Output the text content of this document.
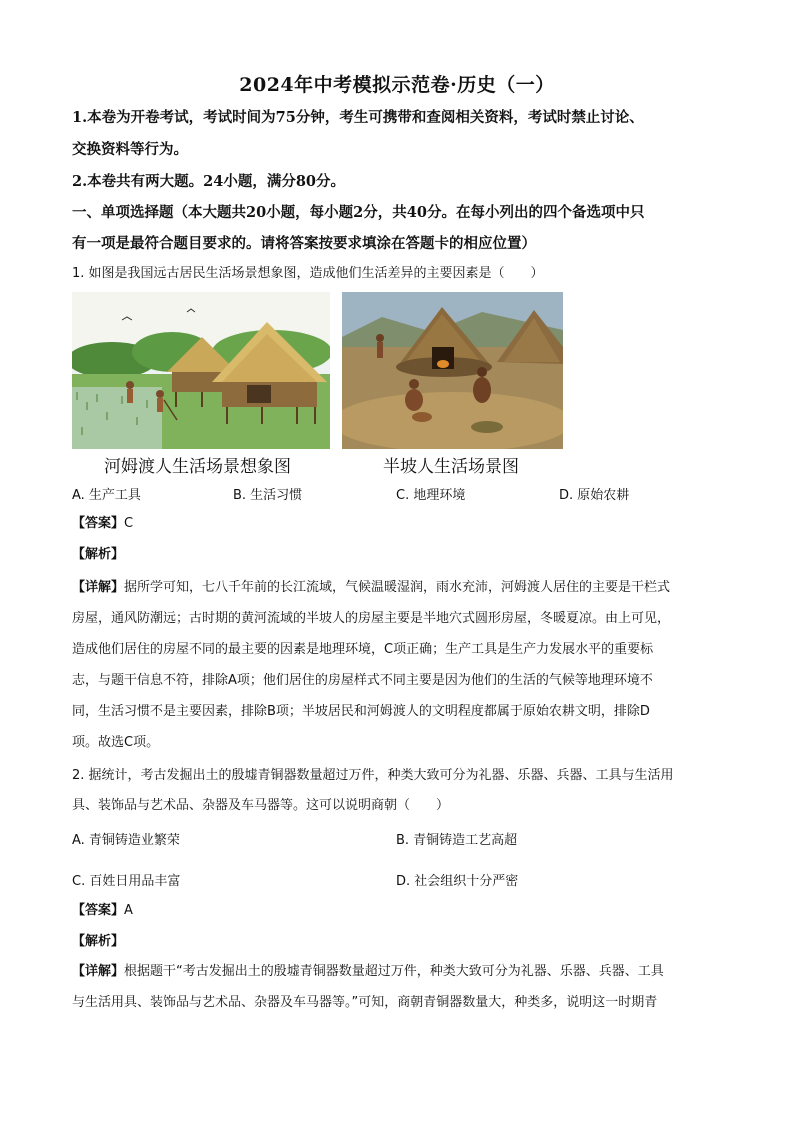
2024年中考模拟示范卷·历史（一）
1.本卷为开卷考试，考试时间为75分钟，考生可携带和查阅相关资料，考试时禁止讨论、
交换资料等行为。
2.本卷共有两大题。24小题，满分80分。
一、单项选择题（本大题共20小题，每小题2分，共40分。在每小列出的四个备选项中只
有一项是最符合题目要求的。请将答案按要求填涂在答题卡的相应位置）
1. 如图是我国远古居民生活场景想象图，造成他们生活差异的主要因素是（　　）
河姆渡人生活场景想象图	半坡人生活场景图
A. 生产工具	B. 生活习惯	C. 地理环境	D. 原始农耕
【答案】C
【解析】
【详解】据所学可知，七八千年前的长江流域，气候温暖湿润，雨水充沛，河姆渡人居住的主要是干栏式
房屋，通风防潮远；古时期的黄河流域的半坡人的房屋主要是半地穴式圆形房屋，冬暖夏凉。由上可见，
造成他们居住的房屋不同的最主要的因素是地理环境，C项正确；生产工具是生产力发展水平的重要标
志，与题干信息不符，排除A项；他们居住的房屋样式不同主要是因为他们的生活的气候等地理环境不
同，生活习惯不是主要因素，排除B项；半坡居民和河姆渡人的文明程度都属于原始农耕文明，排除D
项。故选C项。
2. 据统计，考古发掘出土的殷墟青铜器数量超过万件，种类大致可分为礼器、乐器、兵器、工具与生活用
具、装饰品与艺术品、杂器及车马器等。这可以说明商朝（　　）
A. 青铜铸造业繁荣	B. 青铜铸造工艺高超
C. 百姓日用品丰富	D. 社会组织十分严密
【答案】A
【解析】
【详解】根据题干“考古发掘出土的殷墟青铜器数量超过万件，种类大致可分为礼器、乐器、兵器、工具
与生活用具、装饰品与艺术品、杂器及车马器等。”可知，商朝青铜器数量大，种类多，说明这一时期青
